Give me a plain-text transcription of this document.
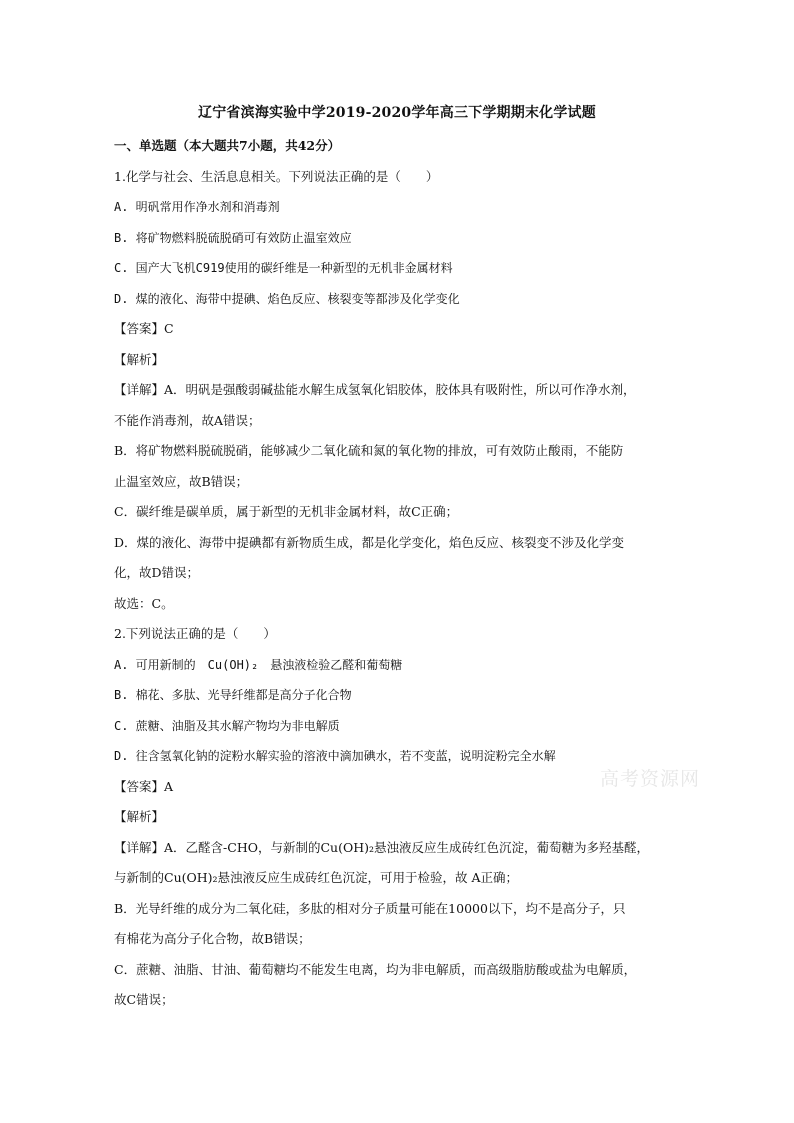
辽宁省滨海实验中学2019-2020学年高三下学期期末化学试题

一、单选题（本大题共7小题，共42分）

1.化学与社会、生活息息相关。下列说法正确的是（　　）

A. 明矾常用作净水剂和消毒剂

B. 将矿物燃料脱硫脱硝可有效防止温室效应

C. 国产大飞机C919使用的碳纤维是一种新型的无机非金属材料

D. 煤的液化、海带中提碘、焰色反应、核裂变等都涉及化学变化

【答案】C

【解析】

【详解】A．明矾是强酸弱碱盐能水解生成氢氧化铝胶体，胶体具有吸附性，所以可作净水剂，

不能作消毒剂，故A错误；

B．将矿物燃料脱硫脱硝，能够减少二氧化硫和氮的氧化物的排放，可有效防止酸雨，不能防

止温室效应，故B错误；

C．碳纤维是碳单质，属于新型的无机非金属材料，故C正确；

D．煤的液化、海带中提碘都有新物质生成，都是化学变化，焰色反应、核裂变不涉及化学变

化，故D错误；

故选：C。

2.下列说法正确的是（　　）

A. 可用新制的　Cu(OH)₂　悬浊液检验乙醛和葡萄糖

B. 棉花、多肽、光导纤维都是高分子化合物

C. 蔗糖、油脂及其水解产物均为非电解质

D. 往含氢氧化钠的淀粉水解实验的溶液中滴加碘水，若不变蓝，说明淀粉完全水解

【答案】A

【解析】

【详解】A．乙醛含-CHO，与新制的Cu(OH)₂悬浊液反应生成砖红色沉淀，葡萄糖为多羟基醛，

与新制的Cu(OH)₂悬浊液反应生成砖红色沉淀，可用于检验，故 A正确；

B．光导纤维的成分为二氧化硅，多肽的相对分子质量可能在10000以下，均不是高分子，只

有棉花为高分子化合物，故B错误；

C．蔗糖、油脂、甘油、葡萄糖均不能发生电离，均为非电解质，而高级脂肪酸或盐为电解质，

故C错误；

高考资源网
